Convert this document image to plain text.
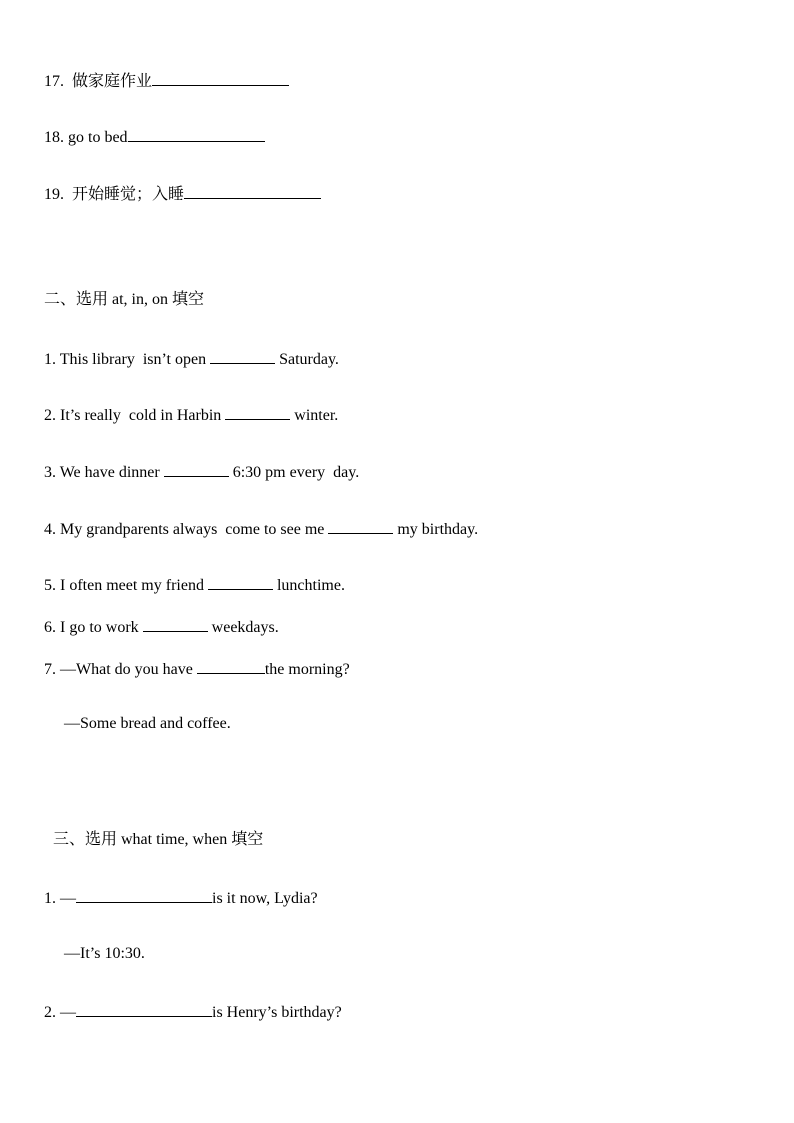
17. 做家庭作业
18. go to bed
19. 开始睡觉；入睡
二、选用 at, in, on 填空
1. This library  isn’t open	Saturday.
2. It’s really  cold in Harbin	winter.
3. We have dinner	6:30 pm every  day.
4. My grandparents always  come to see me	my birthday.
5. I often meet my friend	lunchtime.
6. I go to work	weekdays.
7. —What do you have	the morning?
—Some bread and coffee.
三、选用 what time, when 填空
1. —	is it now, Lydia?
—It’s 10:30.
2. —	is Henry’s birthday?
